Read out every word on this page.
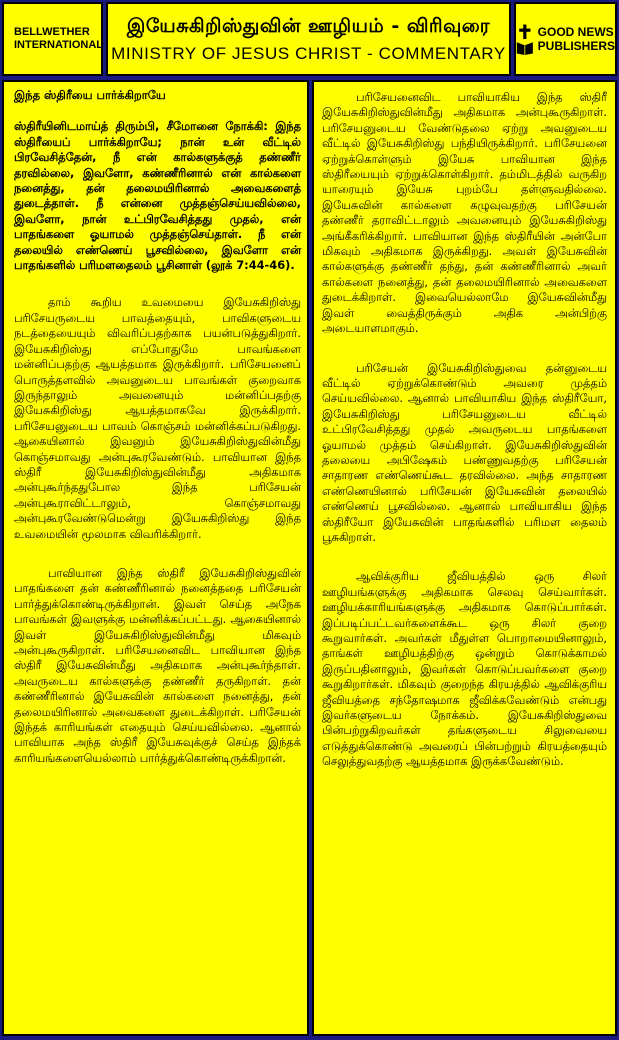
BELLWETHER
INTERNATIONAL
இயேசுகிறிஸ்துவின் ஊழியம் - விரிவுரை
MINISTRY OF JESUS CHRIST - COMMENTARY
GOOD NEWS
PUBLISHERS
இந்த ஸ்திரீயை பார்க்கிறாயே
ஸ்திரீயினிடமாய்த் திரும்பி, சீமோனை நோக்கி: இந்த ஸ்திரீயைப் பார்க்கிறாயே; நான் உன் வீட்டில் பிரவேசித்தேன், நீ என் கால்களுக்குத் தண்ணீர் தரவில்லை, இவளோ, கண்ணீரினால் என் கால்களை நனைத்து, தன் தலைமயிரினால் அவைகளைத் துடைத்தாள். நீ என்னை முத்தஞ்செய்யவில்லை, இவளோ, நான் உட்பிரவேசித்தது முதல், என் பாதங்களை ஓயாமல் முத்தஞ்செய்தாள். நீ என் தலையில் எண்ணெய் பூசவில்லை, இவளோ என் பாதங்களில் பரிமளதைலம் பூசினாள் (லூக் 7:44-46).

தாம் கூறிய உவமையை இயேசுகிறிஸ்து பரிசேயருடைய பாவத்தையும், பாவிகளுடைய நடத்தையையும் விவரிப்பதற்காக பயன்படுத்துகிறார். இயேசுகிறிஸ்து எப்போதுமே பாவங்களை மன்னிப்பதற்கு ஆயத்தமாக இருக்கிறார். பரிசேயனைப் பொருத்தளவில் அவனுடைய பாவங்கள் குறைவாக இருந்தாலும் அவனையும் மன்னிப்பதற்கு இயேசுகிறிஸ்து ஆயத்தமாகவே இருக்கிறார். பரிசேயனுடைய பாவம் கொஞ்சம் மன்னிக்கப்படுகிறது. ஆகையினால் இவனும் இயேசுகிறிஸ்துவின்மீது கொஞ்சமாவது அன்புகூரவேண்டும். பாவியான இந்த ஸ்திரீ இயேசுகிறிஸ்துவின்மீது அதிகமாக அன்புகூர்ந்ததுபோல இந்த பரிசேயன் அன்புகூராவிட்டாலும், கொஞ்சமாவது அன்புகூரவேண்டுமென்று இயேசுகிறிஸ்து இந்த உவமையின் மூலமாக விவரிக்கிறார்.

பாவியான இந்த ஸ்திரீ இயேசுகிறிஸ்துவின் பாதங்களை தன் கண்ணீரினால் நனைத்ததை பரிசேயன் பார்த்துக்கொண்டிருக்கிறான். இவள் செய்த அநேக பாவங்கள் இவளுக்கு மன்னிக்கப்பட்டது. ஆகையினால் இவள் இயேசுகிறிஸ்துவின்மீது மிகவும் அன்புகூருகிறாள். பரிசேயனைவிட பாவியான இந்த ஸ்திரீ இயேசுவின்மீது அதிகமாக அன்புகூர்ந்தாள். அவருடைய கால்களுக்கு தண்ணீர் தருகிறாள். தன் கண்ணீரினால் இயேசுவின் கால்களை நனைத்து, தன் தலைமயிரினால் அவைகளை துடைக்கிறாள். பரிசேயன் இந்தக் காரியங்கள் எதையும் செய்யவில்லை. ஆனால் பாவியாக அந்த ஸ்திரீ இயேசுவுக்குச் செய்த இந்தக் காரியங்களையெல்லாம் பார்த்துக்கொண்டிருக்கிறான்.

பரிசேயனைவிட பாவியாகிய இந்த ஸ்திரீ இயேசுகிறிஸ்துவின்மீது அதிகமாக அன்புகூருகிறாள். பரிசேயனுடைய வேண்டுதலை ஏற்று அவனுடைய வீட்டில் இயேசுகிறிஸ்து பந்தியிருக்கிறார். பரிசேயனை ஏற்றுக்கொள்ளும் இயேசு பாவியான இந்த ஸ்திரீயையும் ஏற்றுக்கொள்கிறார். தம்மிடத்தில் வருகிற யாரையும் இயேசு புறம்பே தள்ளுவதில்லை. இயேசுவின் கால்களை கழுவுவதற்கு பரிசேயன் தண்ணீர் தராவிட்டாலும் அவனையும் இயேசுகிறிஸ்து அங்கீகரிக்கிறார். பாவியான இந்த ஸ்திரீயின் அன்போ மிகவும் அதிகமாக இருக்கிறது. அவள் இயேசுவின் கால்களுக்கு தண்ணீர் தந்து, தன் கண்ணீரினால் அவர் கால்களை நனைத்து, தன் தலைமயிரினால் அவைகளை துடைக்கிறாள். இவையெல்லாமே இயேசுவின்மீது இவள் வைத்திருக்கும் அதிக அன்பிற்கு அடையாளமாகும்.

பரிசேயன் இயேசுகிறிஸ்துவை தன்னுடைய வீட்டில் ஏற்றுக்கொண்டும் அவரை முத்தம் செய்யவில்லை. ஆனால் பாவியாகிய இந்த ஸ்திரீயோ, இயேசுகிறிஸ்து பரிசேயனுடைய வீட்டில் உட்பிரவேசித்தது முதல் அவருடைய பாதங்களை ஓயாமல் முத்தம் செய்கிறாள். இயேசுகிறிஸ்துவின் தலையை அபிஷேகம் பண்ணுவதற்கு பரிசேயன் சாதாரண எண்ணெய்கூட தரவில்லை. அந்த சாதாரண எண்ணெயினால் பரிசேயன் இயேசுவின் தலையில் எண்ணெய் பூசவில்லை. ஆனால் பாவியாகிய இந்த ஸ்திரீயோ இயேசுவின் பாதங்களில் பரிமள தைலம் பூசுகிறாள்.

ஆவிக்குரிய ஜீவியத்தில் ஒரு சிலர் ஊழியங்களுக்கு அதிகமாக செலவு செய்வார்கள். ஊழியக்காரியங்களுக்கு அதிகமாக கொடுப்பார்கள். இப்படிப்பட்டவர்களைக்கூட ஒரு சிலர் குறை கூறுவார்கள். அவர்கள் மீதுள்ள பொறாமையினாலும், தாங்கள் ஊழியத்திற்கு ஒன்றும் கொடுக்காமல் இருப்பதினாலும், இவர்கள் கொடுப்பவர்களை குறை கூறுகிறார்கள். மிகவும் குறைந்த கிரயத்தில் ஆவிக்குரிய ஜீவியத்தை சந்தோஷமாக ஜீவிக்கவேண்டும் என்பது இவர்களுடைய நோக்கம். இயேசுகிறிஸ்துவை பின்பற்றுகிறவர்கள் தங்களுடைய சிலுவையை எடுத்துக்கொண்டு அவரைப் பின்பற்றும் கிரயத்தையும் செலுத்துவதற்கு ஆயத்தமாக இருக்கவேண்டும்.
